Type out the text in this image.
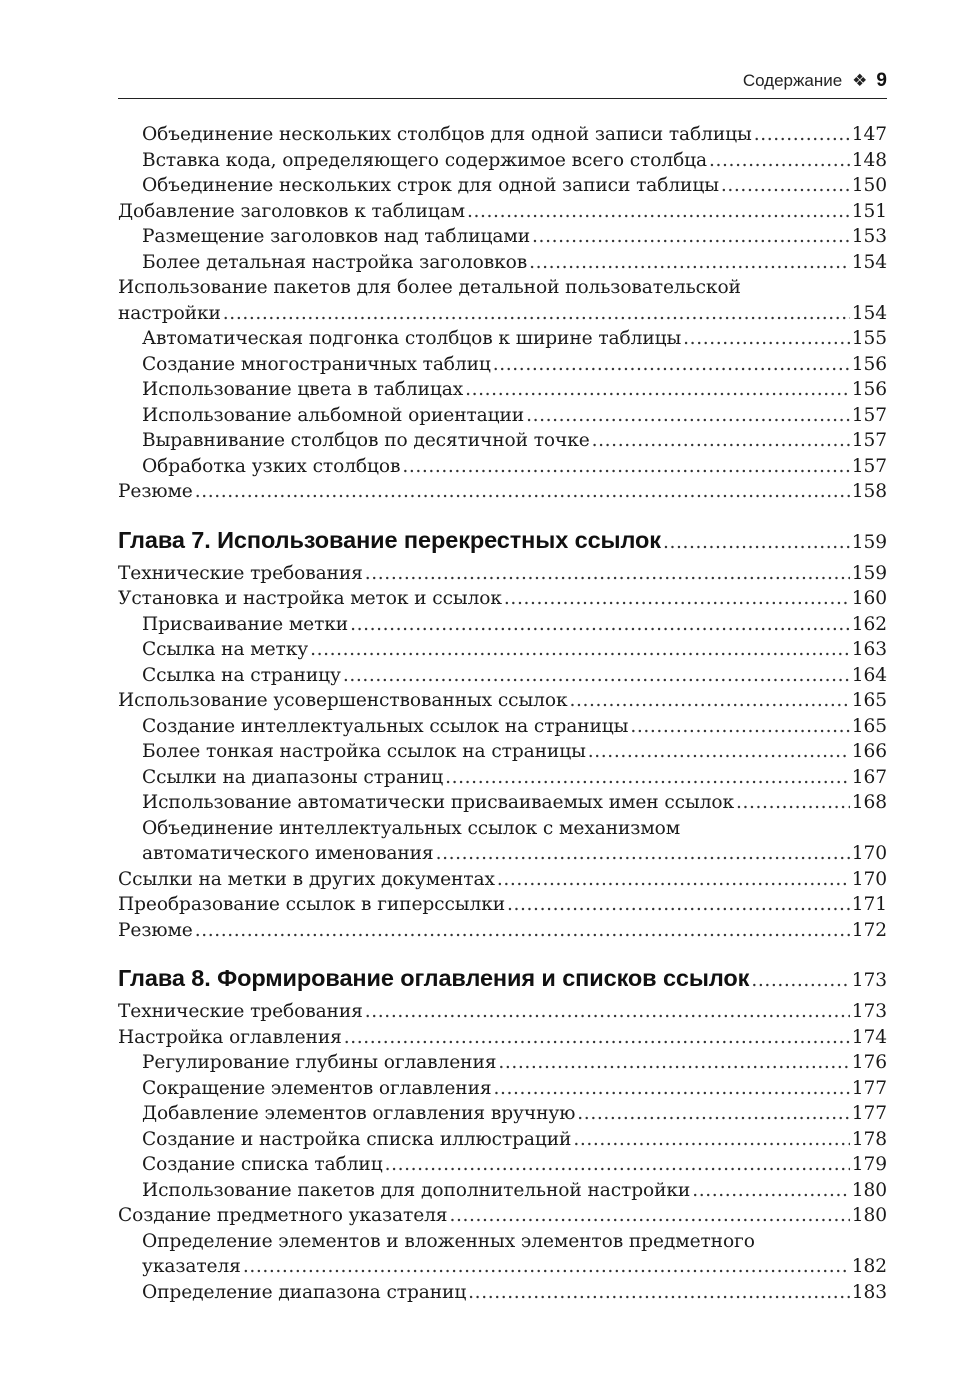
Содержание ❖ 9
Объединение нескольких столбцов для одной записи таблицы .....	147
Вставка кода, определяющего содержимое всего столбца .....	148
Объединение нескольких строк для одной записи таблицы .....	150
Добавление заголовков к таблицам .....	151
Размещение заголовков над таблицами .....	153
Более детальная настройка заголовков .....	154
Использование пакетов для более детальной пользовательской
настройки .....	154
Автоматическая подгонка столбцов к ширине таблицы .....	155
Создание многостраничных таблиц .....	156
Использование цвета в таблицах .....	156
Использование альбомной ориентации .....	157
Выравнивание столбцов по десятичной точке .....	157
Обработка узких столбцов .....	157
Резюме .....	158
Глава 7. Использование перекрестных ссылок .....	159
Технические требования .....	159
Установка и настройка меток и ссылок .....	160
Присваивание метки .....	162
Ссылка на метку .....	163
Ссылка на страницу .....	164
Использование усовершенствованных ссылок .....	165
Создание интеллектуальных ссылок на страницы .....	165
Более тонкая настройка ссылок на страницы .....	166
Ссылки на диапазоны страниц .....	167
Использование автоматически присваиваемых имен ссылок .....	168
Объединение интеллектуальных ссылок с механизмом
автоматического именования .....	170
Ссылки на метки в других документах .....	170
Преобразование ссылок в гиперссылки .....	171
Резюме .....	172
Глава 8. Формирование оглавления и списков ссылок .....	173
Технические требования .....	173
Настройка оглавления .....	174
Регулирование глубины оглавления .....	176
Сокращение элементов оглавления .....	177
Добавление элементов оглавления вручную .....	177
Создание и настройка списка иллюстраций .....	178
Создание списка таблиц .....	179
Использование пакетов для дополнительной настройки .....	180
Создание предметного указателя .....	180
Определение элементов и вложенных элементов предметного
указателя .....	182
Определение диапазона страниц .....	183
